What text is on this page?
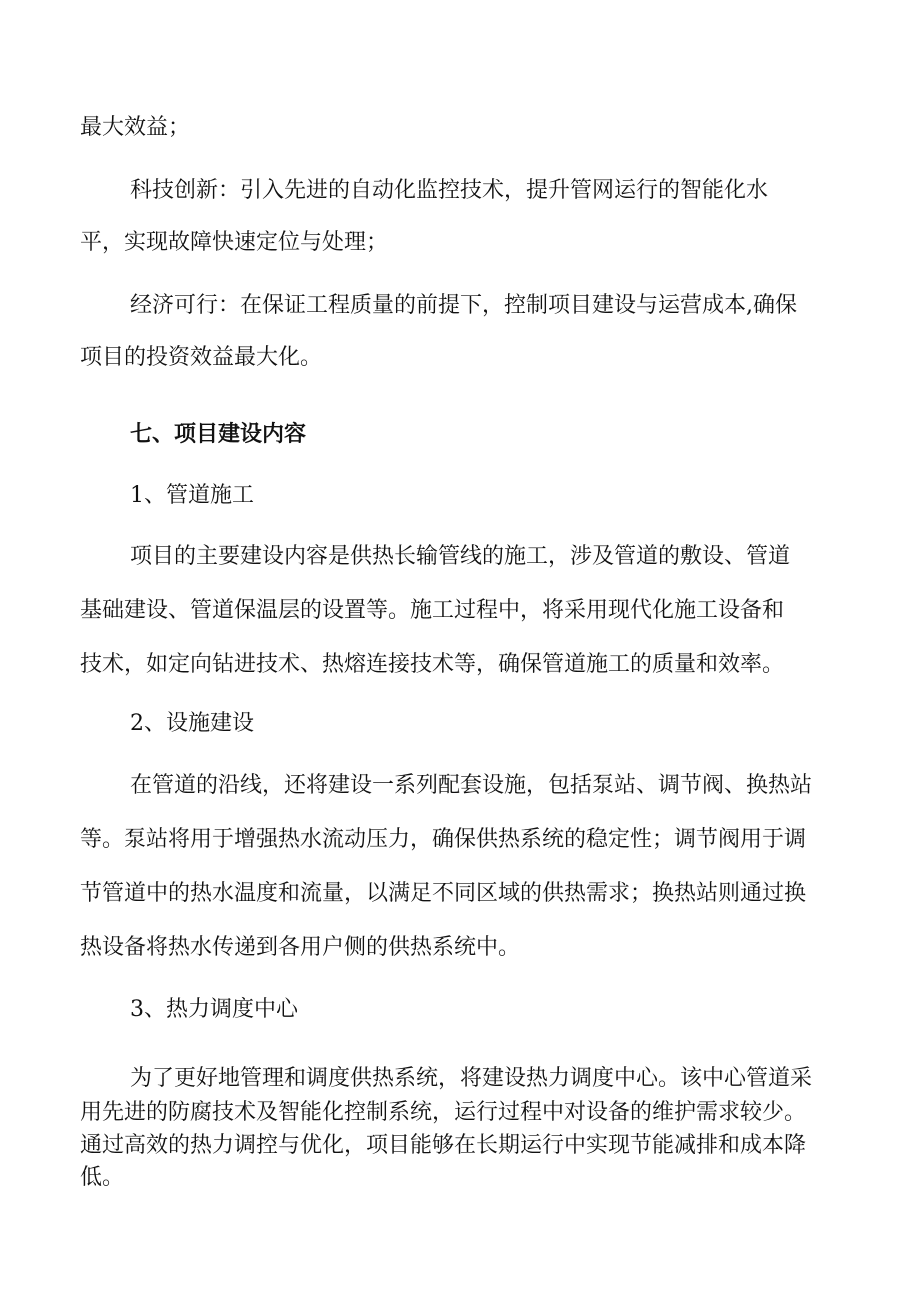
最大效益；
科技创新：引入先进的自动化监控技术，提升管网运行的智能化水
平，实现故障快速定位与处理；
经济可行：在保证工程质量的前提下，控制项目建设与运营成本,确保
项目的投资效益最大化。
七、项目建设内容
1、管道施工
项目的主要建设内容是供热长输管线的施工，涉及管道的敷设、管道
基础建设、管道保温层的设置等。施工过程中，将采用现代化施工设备和
技术，如定向钻进技术、热熔连接技术等，确保管道施工的质量和效率。
2、设施建设
在管道的沿线，还将建设一系列配套设施，包括泵站、调节阀、换热站
等。泵站将用于增强热水流动压力，确保供热系统的稳定性；调节阀用于调
节管道中的热水温度和流量，以满足不同区域的供热需求；换热站则通过换
热设备将热水传递到各用户侧的供热系统中。
3、热力调度中心
为了更好地管理和调度供热系统，将建设热力调度中心。该中心管道采
用先进的防腐技术及智能化控制系统，运行过程中对设备的维护需求较少。
通过高效的热力调控与优化，项目能够在长期运行中实现节能减排和成本降
低。
